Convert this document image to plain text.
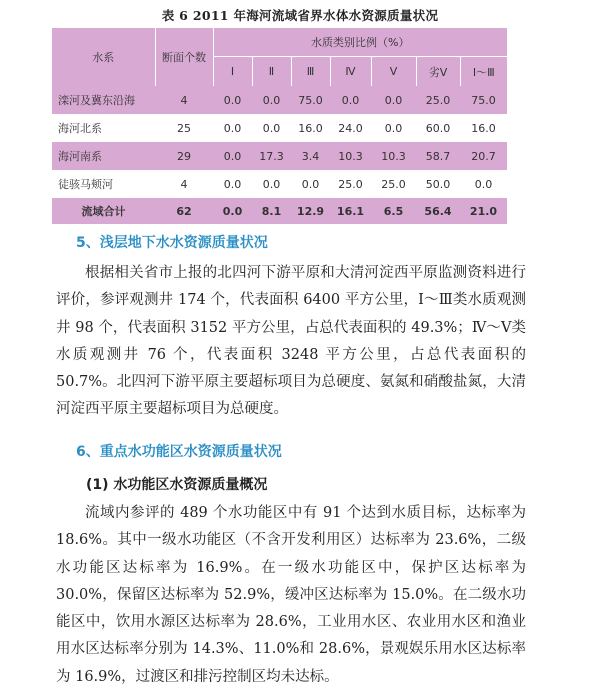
表 6 2011 年海河流域省界水体水资源质量状况
水系	断面个数	水质类别比例（%）						
		Ⅰ	Ⅱ	Ⅲ	Ⅳ	Ⅴ	劣Ⅴ	Ⅰ～Ⅲ
滦河及冀东沿海	4	0.0	0.0	75.0	0.0	0.0	25.0	75.0
海河北系	25	0.0	0.0	16.0	24.0	0.0	60.0	16.0
海河南系	29	0.0	17.3	3.4	10.3	10.3	58.7	20.7
徒骇马颊河	4	0.0	0.0	0.0	25.0	25.0	50.0	0.0
流域合计	62	0.0	8.1	12.9	16.1	6.5	56.4	21.0
5、浅层地下水水资源质量状况

根据相关省市上报的北四河下游平原和大清河淀西平原监测资料进行评价，参评观测井 174 个，代表面积 6400 平方公里，Ⅰ～Ⅲ类水质观测井 98 个，代表面积 3152 平方公里，占总代表面积的 49.3%；Ⅳ～Ⅴ类水质观测井 76 个，代表面积 3248 平方公里，占总代表面积的 50.7%。北四河下游平原主要超标项目为总硬度、氨氮和硝酸盐氮，大清河淀西平原主要超标项目为总硬度。

6、重点水功能区水资源质量状况
(1) 水功能区水资源质量概况

流域内参评的 489 个水功能区中有 91 个达到水质目标，达标率为 18.6%。其中一级水功能区（不含开发利用区）达标率为 23.6%，二级水功能区达标率为 16.9%。在一级水功能区中，保护区达标率为 30.0%，保留区达标率为 52.9%，缓冲区达标率为 15.0%。在二级水功能区中，饮用水源区达标率为 28.6%，工业用水区、农业用水区和渔业用水区达标率分别为 14.3%、11.0%和 28.6%，景观娱乐用水区达标率为 16.9%，过渡区和排污控制区均未达标。
